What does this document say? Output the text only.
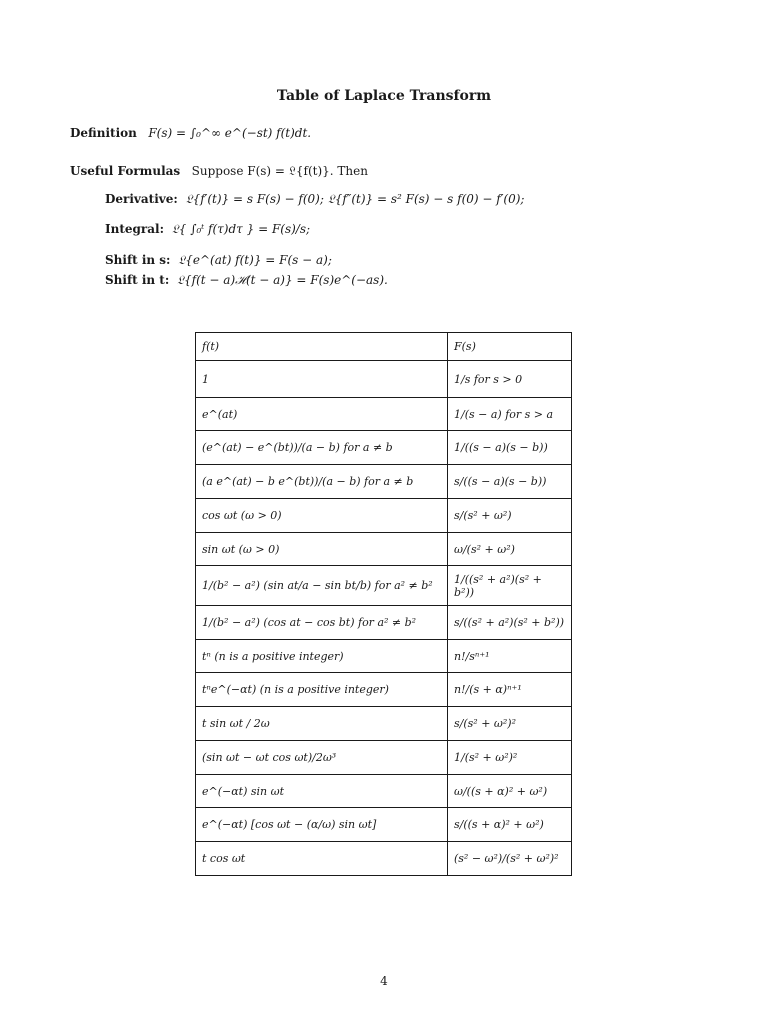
Table of Laplace Transform
Definition F(s) = ∫₀^∞ e^(−st) f(t)dt.
Useful Formulas Suppose F(s) = 𝔏{f(t)}. Then
Derivative: 𝔏{f′(t)} = s F(s) − f(0); 𝔏{f″(t)} = s² F(s) − s f(0) − f′(0);
Integral: 𝔏{ ∫₀ᵗ f(τ)dτ } = F(s)/s;
Shift in s: 𝔏{e^(at) f(t)} = F(s − a);
Shift in t: 𝔏{f(t − a)ℋ(t − a)} = F(s)e^(−as).
f(t)	F(s)
1	1/s for s > 0
e^(at)	1/(s − a) for s > a
(e^(at) − e^(bt))/(a − b) for a ≠ b	1/((s − a)(s − b))
(a e^(at) − b e^(bt))/(a − b) for a ≠ b	s/((s − a)(s − b))
cos ωt (ω > 0)	s/(s² + ω²)
sin ωt (ω > 0)	ω/(s² + ω²)
1/(b² − a²) (sin at/a − sin bt/b) for a² ≠ b²	1/((s² + a²)(s² + b²))
1/(b² − a²) (cos at − cos bt) for a² ≠ b²	s/((s² + a²)(s² + b²))
tⁿ (n is a positive integer)	n!/sⁿ⁺¹
tⁿe^(−αt) (n is a positive integer)	n!/(s + α)ⁿ⁺¹
t sin ωt / 2ω	s/(s² + ω²)²
(sin ωt − ωt cos ωt)/2ω³	1/(s² + ω²)²
e^(−αt) sin ωt	ω/((s + α)² + ω²)
e^(−αt) [cos ωt − (α/ω) sin ωt]	s/((s + α)² + ω²)
t cos ωt	(s² − ω²)/(s² + ω²)²
4
